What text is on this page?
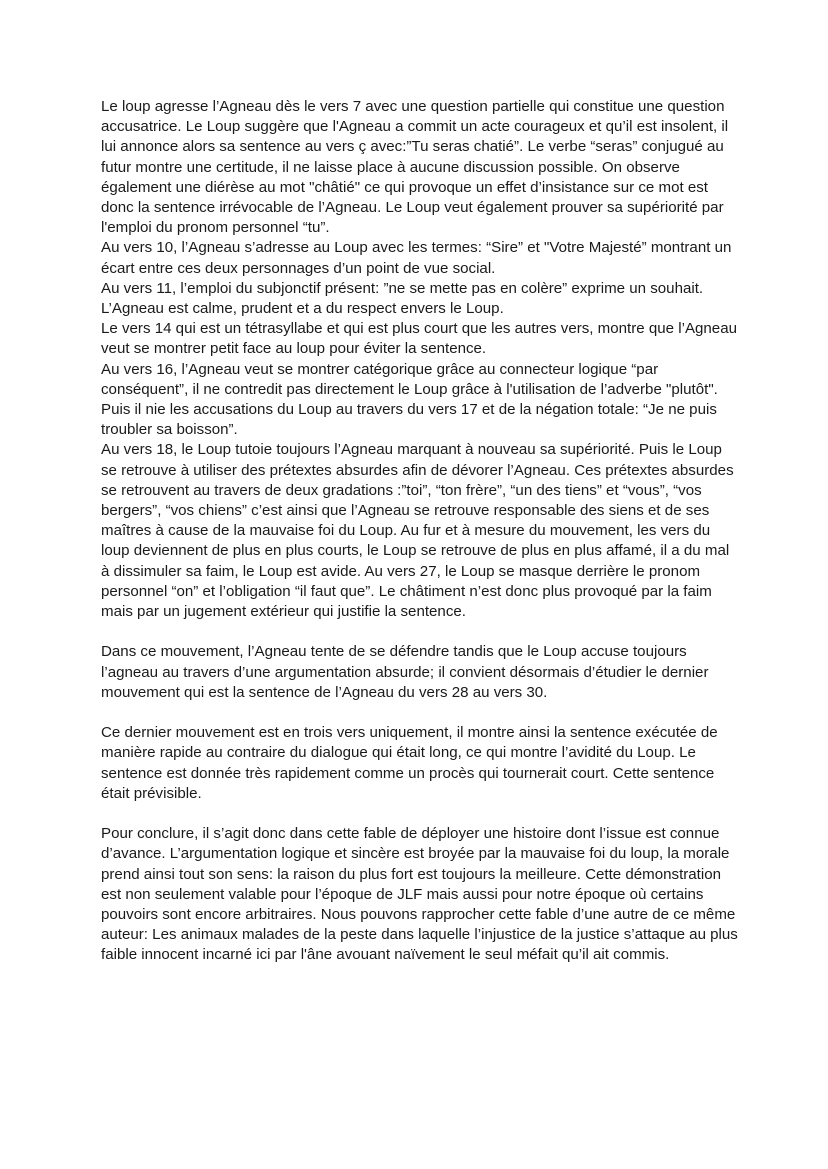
Le loup agresse l’Agneau dès le vers 7 avec une question partielle qui constitue une question accusatrice. Le Loup suggère que l'Agneau a commit un acte courageux et qu’il est insolent, il lui annonce alors sa sentence au vers ç avec:”Tu seras chatié”. Le verbe “seras” conjugué au futur montre une certitude, il ne laisse place à aucune discussion possible. On observe également une diérèse au mot "châtié" ce qui provoque un effet d’insistance sur ce mot est donc la sentence irrévocable de l’Agneau. Le Loup veut également prouver sa supériorité par l'emploi du pronom personnel “tu”.

Au vers 10, l’Agneau s’adresse au Loup avec les termes: “Sire” et "Votre Majesté” montrant un écart entre ces deux personnages d’un point de vue social.

Au vers 11, l’emploi du subjonctif présent: ”ne se mette pas en colère” exprime un souhait. L’Agneau est calme, prudent et a du respect envers le Loup.

Le vers 14 qui est un tétrasyllabe et qui est plus court que les autres vers, montre que l’Agneau veut se montrer petit face au loup pour éviter la sentence.

Au vers 16, l’Agneau veut se montrer catégorique grâce au connecteur logique “par conséquent”, il ne contredit pas directement le Loup grâce à l'utilisation de l’adverbe "plutôt". Puis il nie les accusations du Loup au travers du vers 17 et de la négation totale: “Je ne puis troubler sa boisson”.

Au vers 18, le Loup tutoie toujours l’Agneau marquant à nouveau sa supériorité. Puis le Loup se retrouve à utiliser des prétextes absurdes afin de dévorer l’Agneau. Ces prétextes absurdes se retrouvent au travers de deux gradations :”toi”, “ton frère”, “un des tiens” et “vous”, “vos bergers”, “vos chiens” c’est ainsi que l’Agneau se retrouve responsable des siens et de ses maîtres à cause de la mauvaise foi du Loup. Au fur et à mesure du mouvement, les vers du loup deviennent de plus en plus courts, le Loup se retrouve de plus en plus affamé, il a du mal à dissimuler sa faim, le Loup est avide. Au vers 27, le Loup se masque derrière le pronom personnel “on” et l’obligation “il faut que”. Le châtiment n’est donc plus provoqué par la faim mais par un jugement extérieur qui justifie la sentence.

Dans ce mouvement, l’Agneau tente de se défendre tandis que le Loup accuse toujours l’agneau au travers d’une argumentation absurde; il convient désormais d’étudier le dernier mouvement qui est la sentence de l’Agneau du vers 28 au vers 30.

Ce dernier mouvement est en trois vers uniquement, il montre ainsi la sentence exécutée de manière rapide au contraire du dialogue qui était long, ce qui montre l’avidité du Loup. Le sentence est donnée très rapidement comme un procès qui tournerait court. Cette sentence était prévisible.

Pour conclure, il s’agit donc dans cette fable de déployer une histoire dont l’issue est connue d’avance. L’argumentation logique et sincère est broyée par la mauvaise foi du loup, la morale prend ainsi tout son sens: la raison du plus fort est toujours la meilleure. Cette démonstration est non seulement valable pour l’époque de JLF mais aussi pour notre époque où certains pouvoirs sont encore arbitraires. Nous pouvons rapprocher cette fable d’une autre de ce même auteur: Les animaux malades de la peste dans laquelle l’injustice de la justice s’attaque au plus faible innocent incarné ici par l'âne avouant naïvement le seul méfait qu’il ait commis.
